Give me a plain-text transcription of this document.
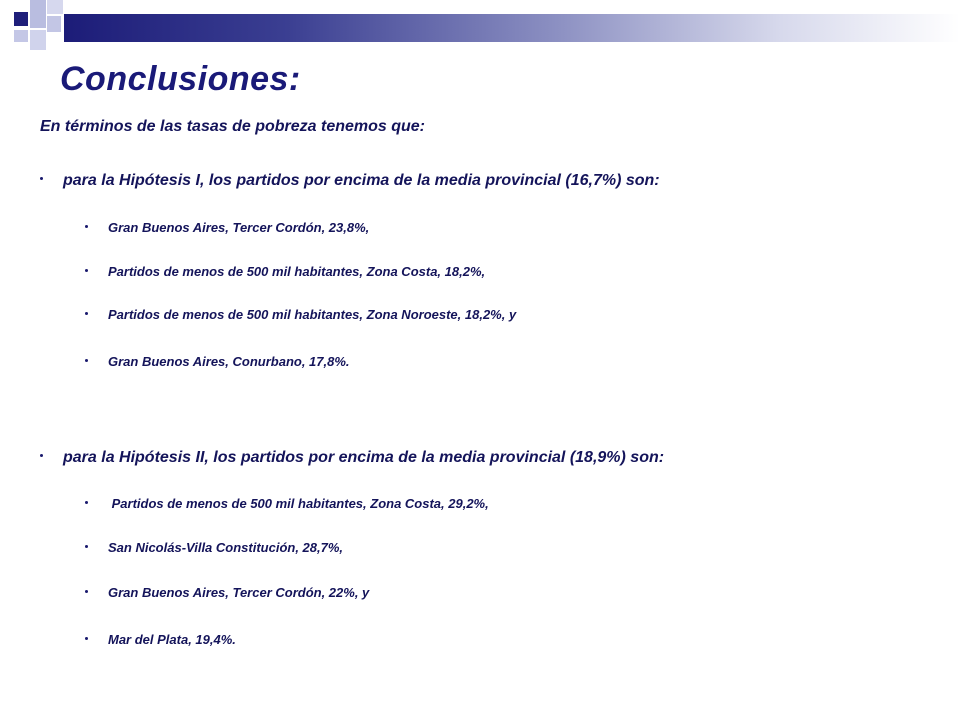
Conclusiones:
En términos de las tasas de pobreza tenemos que:
para la Hipótesis I, los partidos por encima de la media provincial (16,7%) son:
Gran Buenos Aires, Tercer Cordón, 23,8%,
Partidos de menos de 500 mil habitantes, Zona Costa, 18,2%,
Partidos de menos de 500 mil habitantes, Zona Noroeste, 18,2%, y
Gran Buenos Aires, Conurbano, 17,8%.
para la Hipótesis II, los partidos por encima de la media provincial (18,9%) son:
Partidos de menos de 500 mil habitantes, Zona Costa, 29,2%,
San Nicolás-Villa Constitución, 28,7%,
Gran Buenos Aires, Tercer Cordón, 22%, y
Mar del Plata, 19,4%.
